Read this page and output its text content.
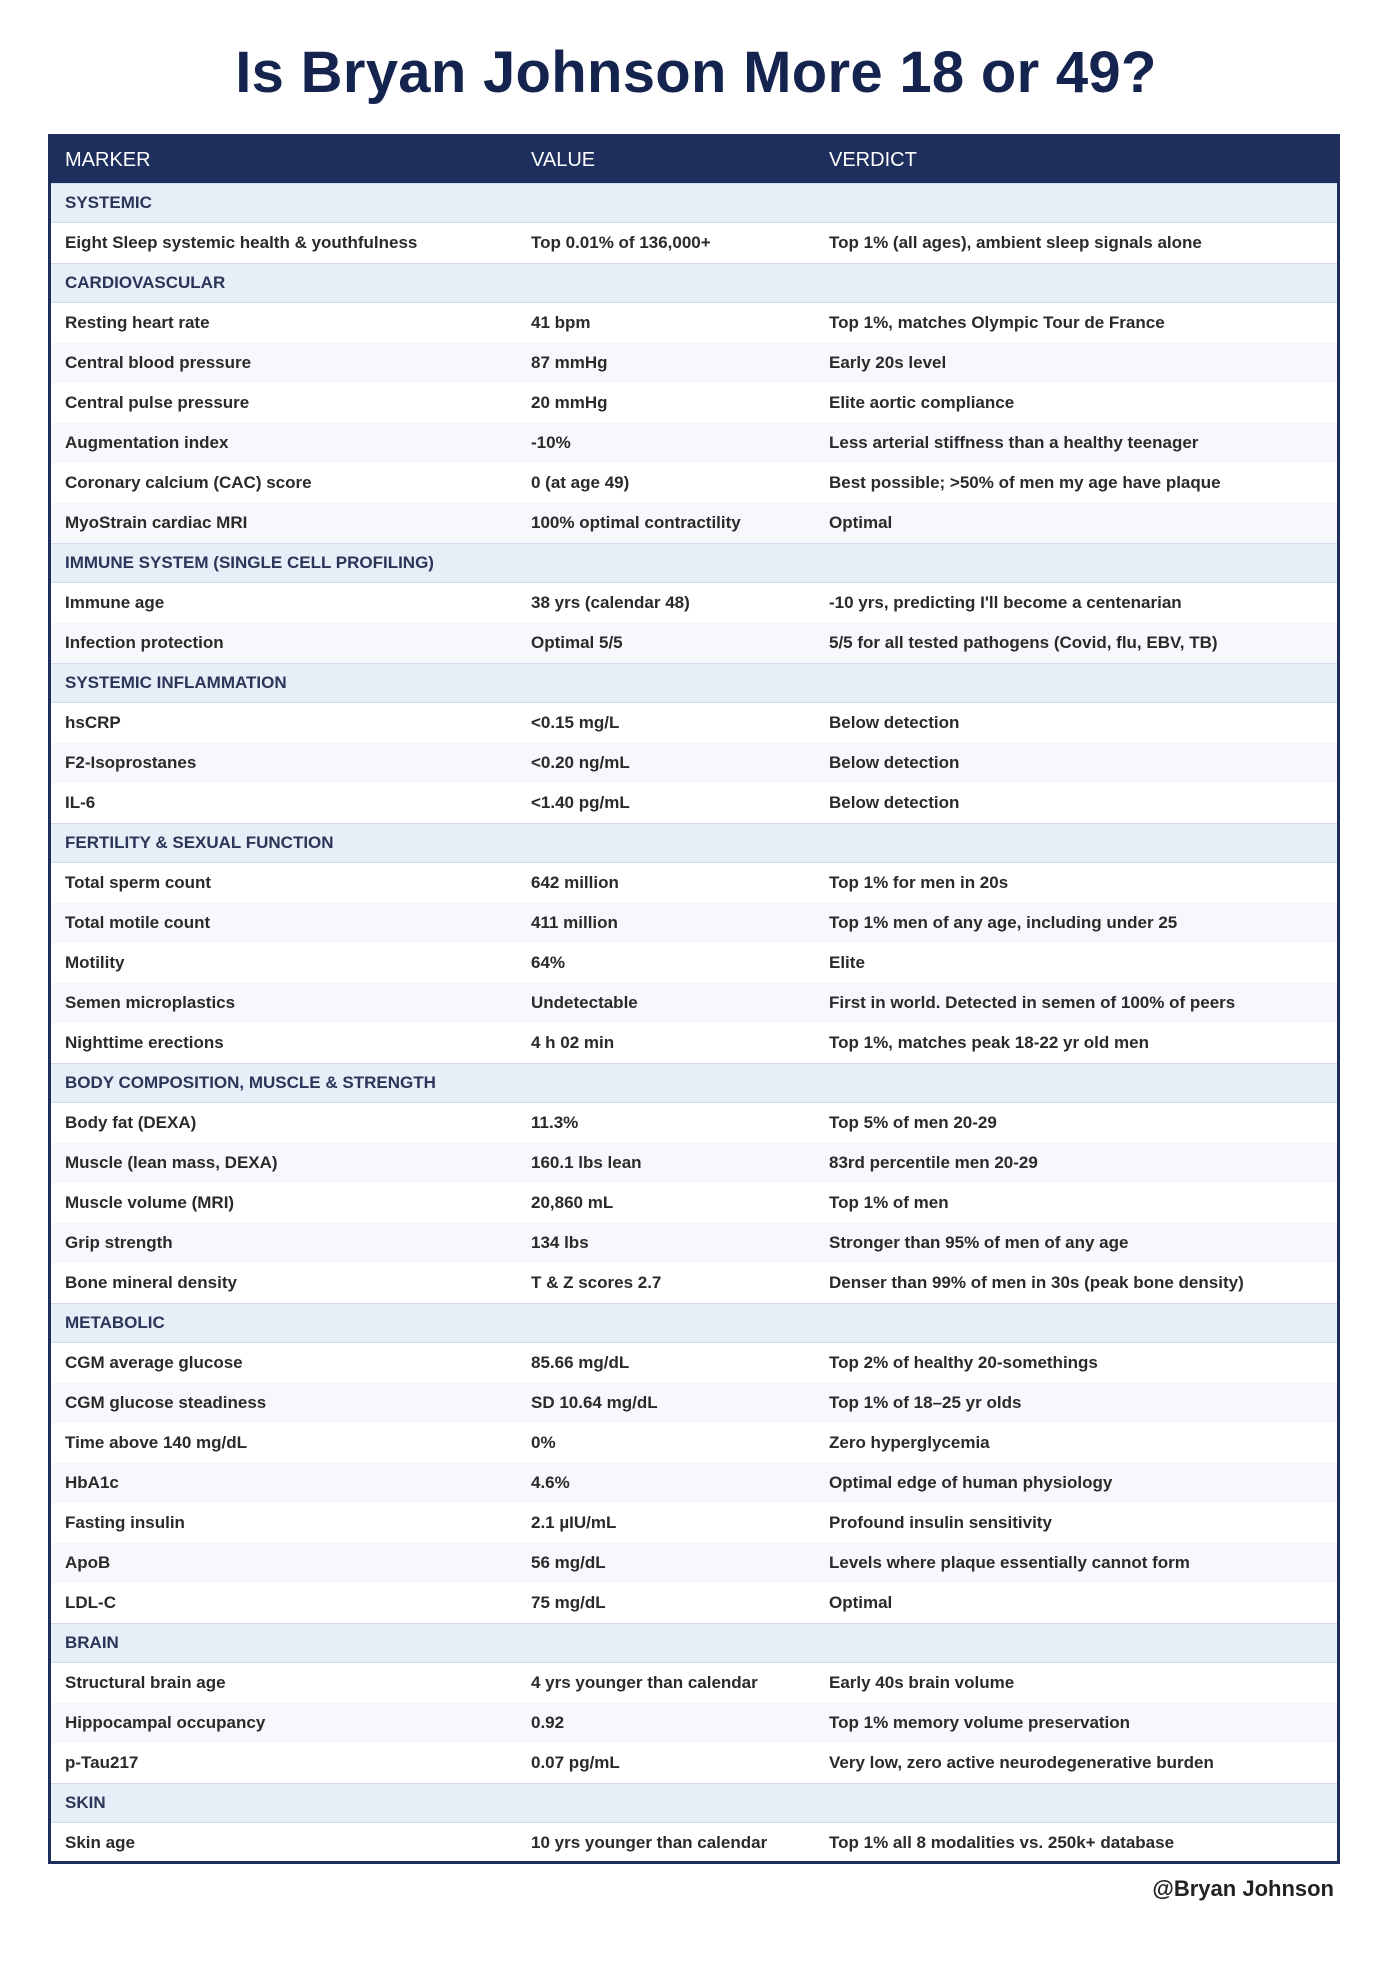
Is Bryan Johnson More 18 or 49?
MARKER	VALUE	VERDICT
SYSTEMIC
Eight Sleep systemic health & youthfulness	Top 0.01% of 136,000+	Top 1% (all ages), ambient sleep signals alone
CARDIOVASCULAR
Resting heart rate	41 bpm	Top 1%, matches Olympic Tour de France
Central blood pressure	87 mmHg	Early 20s level
Central pulse pressure	20 mmHg	Elite aortic compliance
Augmentation index	-10%	Less arterial stiffness than a healthy teenager
Coronary calcium (CAC) score	0 (at age 49)	Best possible; >50% of men my age have plaque
MyoStrain cardiac MRI	100% optimal contractility	Optimal
IMMUNE SYSTEM (SINGLE CELL PROFILING)
Immune age	38 yrs (calendar 48)	-10 yrs, predicting I'll become a centenarian
Infection protection	Optimal 5/5	5/5 for all tested pathogens (Covid, flu, EBV, TB)
SYSTEMIC INFLAMMATION
hsCRP	<0.15 mg/L	Below detection
F2-Isoprostanes	<0.20 ng/mL	Below detection
IL-6	<1.40 pg/mL	Below detection
FERTILITY & SEXUAL FUNCTION
Total sperm count	642 million	Top 1% for men in 20s
Total motile count	411 million	Top 1% men of any age, including under 25
Motility	64%	Elite
Semen microplastics	Undetectable	First in world. Detected in semen of 100% of peers
Nighttime erections	4 h 02 min	Top 1%, matches peak 18-22 yr old men
BODY COMPOSITION, MUSCLE & STRENGTH
Body fat (DEXA)	11.3%	Top 5% of men 20-29
Muscle (lean mass, DEXA)	160.1 lbs lean	83rd percentile men 20-29
Muscle volume (MRI)	20,860 mL	Top 1% of men
Grip strength	134 lbs	Stronger than 95% of men of any age
Bone mineral density	T & Z scores 2.7	Denser than 99% of men in 30s (peak bone density)
METABOLIC
CGM average glucose	85.66 mg/dL	Top 2% of healthy 20-somethings
CGM glucose steadiness	SD 10.64 mg/dL	Top 1% of 18–25 yr olds
Time above 140 mg/dL	0%	Zero hyperglycemia
HbA1c	4.6%	Optimal edge of human physiology
Fasting insulin	2.1 µIU/mL	Profound insulin sensitivity
ApoB	56 mg/dL	Levels where plaque essentially cannot form
LDL-C	75 mg/dL	Optimal
BRAIN
Structural brain age	4 yrs younger than calendar	Early 40s brain volume
Hippocampal occupancy	0.92	Top 1% memory volume preservation
p-Tau217	0.07 pg/mL	Very low, zero active neurodegenerative burden
SKIN
Skin age	10 yrs younger than calendar	Top 1% all 8 modalities vs. 250k+ database
@Bryan Johnson
